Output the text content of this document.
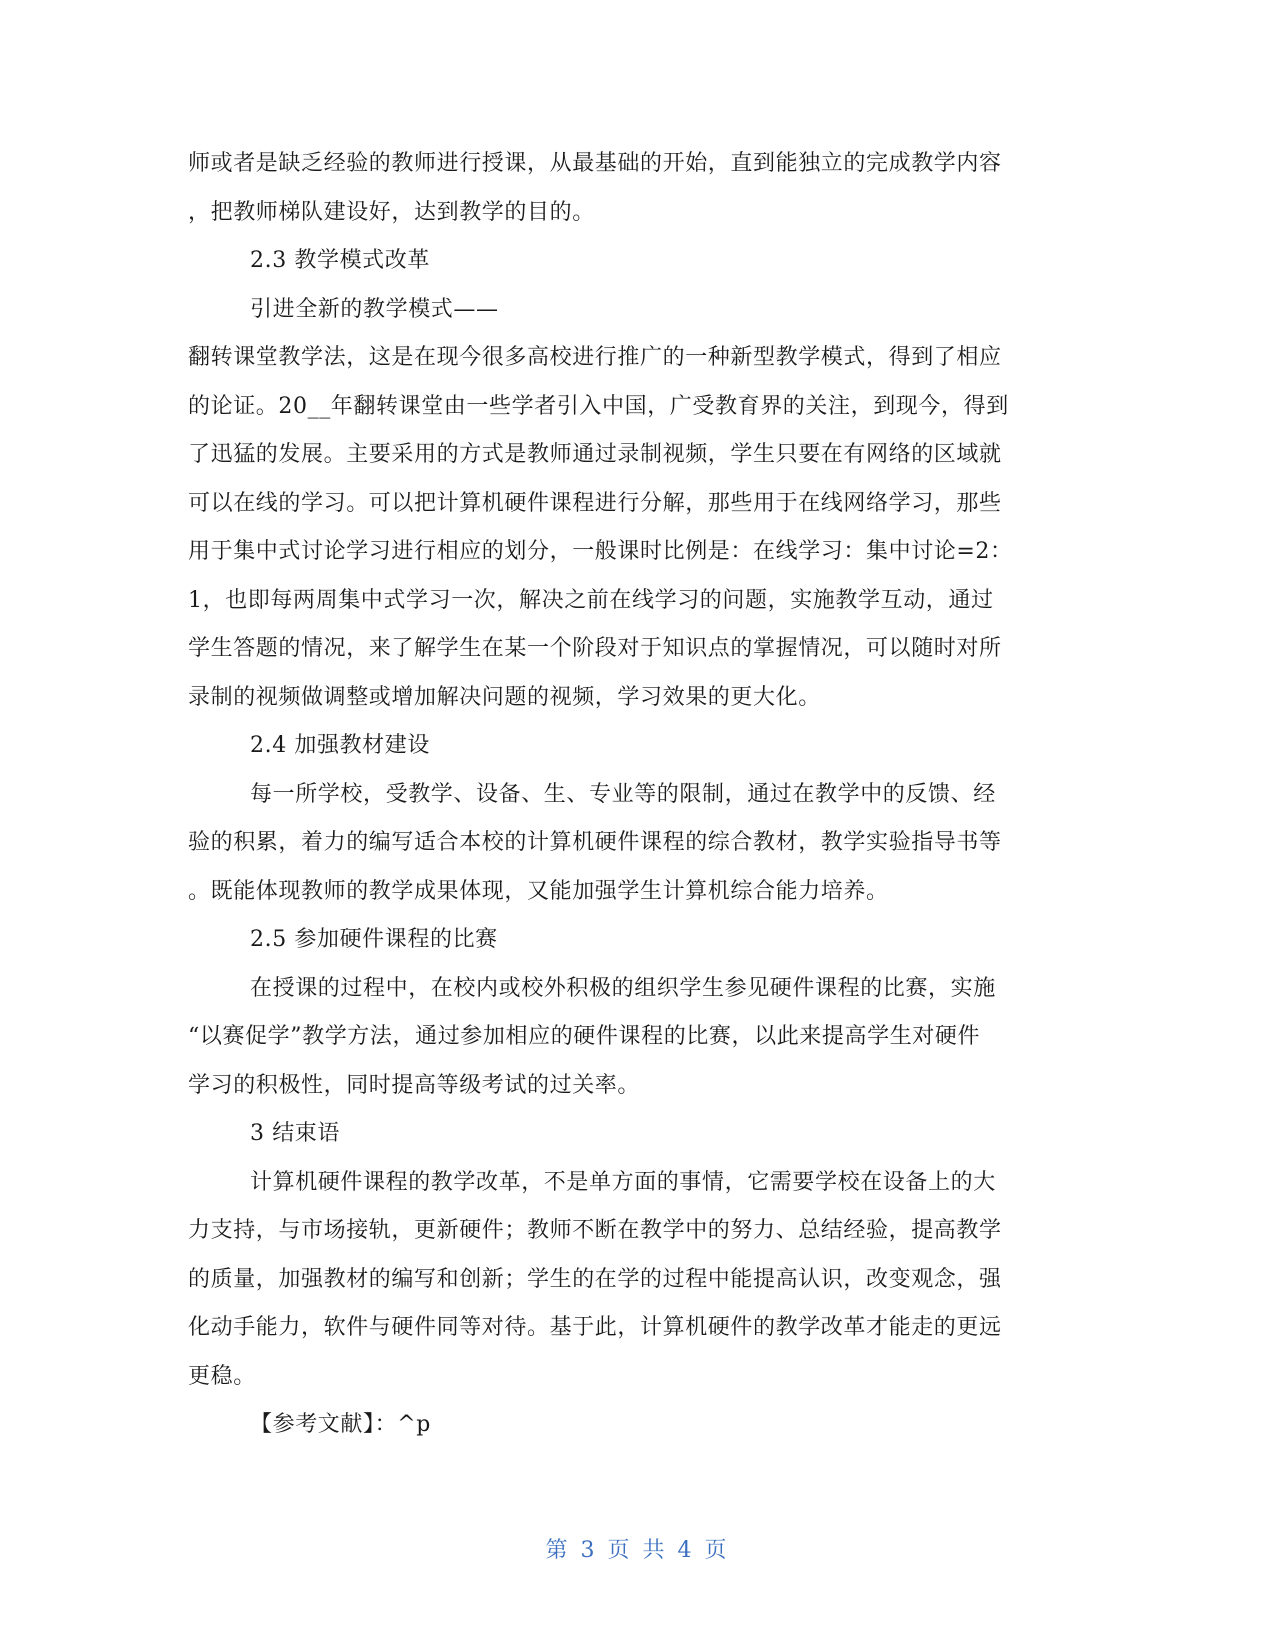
师或者是缺乏经验的教师进行授课，从最基础的开始，直到能独立的完成教学内容
，把教师梯队建设好，达到教学的目的。
2.3 教学模式改革
引进全新的教学模式——
翻转课堂教学法，这是在现今很多高校进行推广的一种新型教学模式，得到了相应
的论证。20__年翻转课堂由一些学者引入中国，广受教育界的关注，到现今，得到
了迅猛的发展。主要采用的方式是教师通过录制视频，学生只要在有网络的区域就
可以在线的学习。可以把计算机硬件课程进行分解，那些用于在线网络学习，那些
用于集中式讨论学习进行相应的划分，一般课时比例是：在线学习：集中讨论=2：
1，也即每两周集中式学习一次，解决之前在线学习的问题，实施教学互动，通过
学生答题的情况，来了解学生在某一个阶段对于知识点的掌握情况，可以随时对所
录制的视频做调整或增加解决问题的视频，学习效果的更大化。
2.4 加强教材建设
每一所学校，受教学、设备、生、专业等的限制，通过在教学中的反馈、经
验的积累，着力的编写适合本校的计算机硬件课程的综合教材，教学实验指导书等
。既能体现教师的教学成果体现，又能加强学生计算机综合能力培养。
2.5 参加硬件课程的比赛
在授课的过程中，在校内或校外积极的组织学生参见硬件课程的比赛，实施
“以赛促学”教学方法，通过参加相应的硬件课程的比赛，以此来提高学生对硬件
学习的积极性，同时提高等级考试的过关率。
3 结束语
计算机硬件课程的教学改革，不是单方面的事情，它需要学校在设备上的大
力支持，与市场接轨，更新硬件；教师不断在教学中的努力、总结经验，提高教学
的质量，加强教材的编写和创新；学生的在学的过程中能提高认识，改变观念，强
化动手能力，软件与硬件同等对待。基于此，计算机硬件的教学改革才能走的更远
更稳。
【参考文献】：^p
第 3 页 共 4 页
